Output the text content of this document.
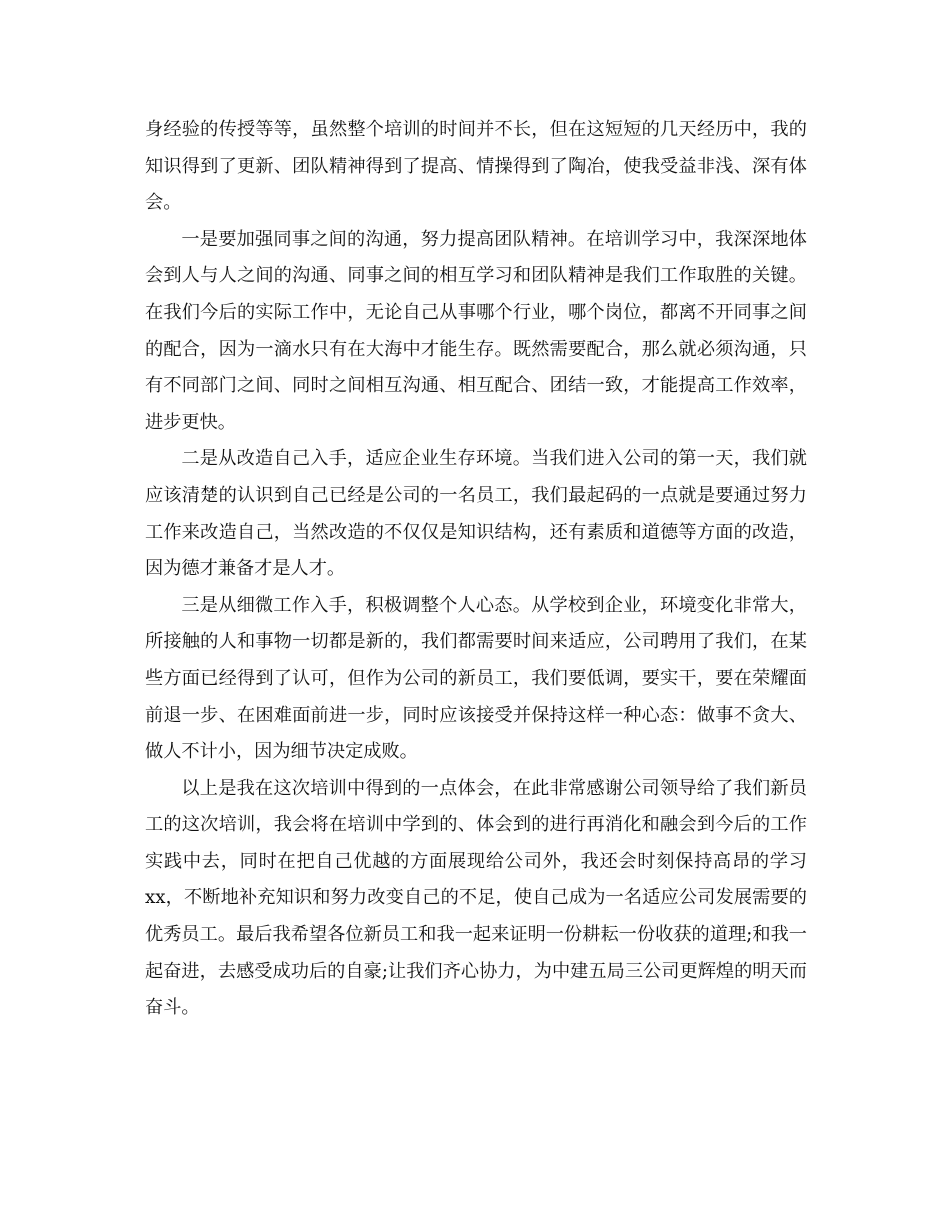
身经验的传授等等，虽然整个培训的时间并不长，但在这短短的几天经历中，我的知识得到了更新、团队精神得到了提高、情操得到了陶冶，使我受益非浅、深有体会。

一是要加强同事之间的沟通，努力提高团队精神。在培训学习中，我深深地体会到人与人之间的沟通、同事之间的相互学习和团队精神是我们工作取胜的关键。在我们今后的实际工作中，无论自己从事哪个行业，哪个岗位，都离不开同事之间的配合，因为一滴水只有在大海中才能生存。既然需要配合，那么就必须沟通，只有不同部门之间、同时之间相互沟通、相互配合、团结一致，才能提高工作效率，进步更快。

二是从改造自己入手，适应企业生存环境。当我们进入公司的第一天，我们就应该清楚的认识到自己已经是公司的一名员工，我们最起码的一点就是要通过努力工作来改造自己，当然改造的不仅仅是知识结构，还有素质和道德等方面的改造，因为德才兼备才是人才。

三是从细微工作入手，积极调整个人心态。从学校到企业，环境变化非常大，所接触的人和事物一切都是新的，我们都需要时间来适应，公司聘用了我们，在某些方面已经得到了认可，但作为公司的新员工，我们要低调，要实干，要在荣耀面前退一步、在困难面前进一步，同时应该接受并保持这样一种心态：做事不贪大、做人不计小，因为细节决定成败。

以上是我在这次培训中得到的一点体会，在此非常感谢公司领导给了我们新员工的这次培训，我会将在培训中学到的、体会到的进行再消化和融会到今后的工作实践中去，同时在把自己优越的方面展现给公司外，我还会时刻保持高昂的学习xx，不断地补充知识和努力改变自己的不足，使自己成为一名适应公司发展需要的优秀员工。最后我希望各位新员工和我一起来证明一份耕耘一份收获的道理;和我一起奋进，去感受成功后的自豪;让我们齐心协力，为中建五局三公司更辉煌的明天而奋斗。
